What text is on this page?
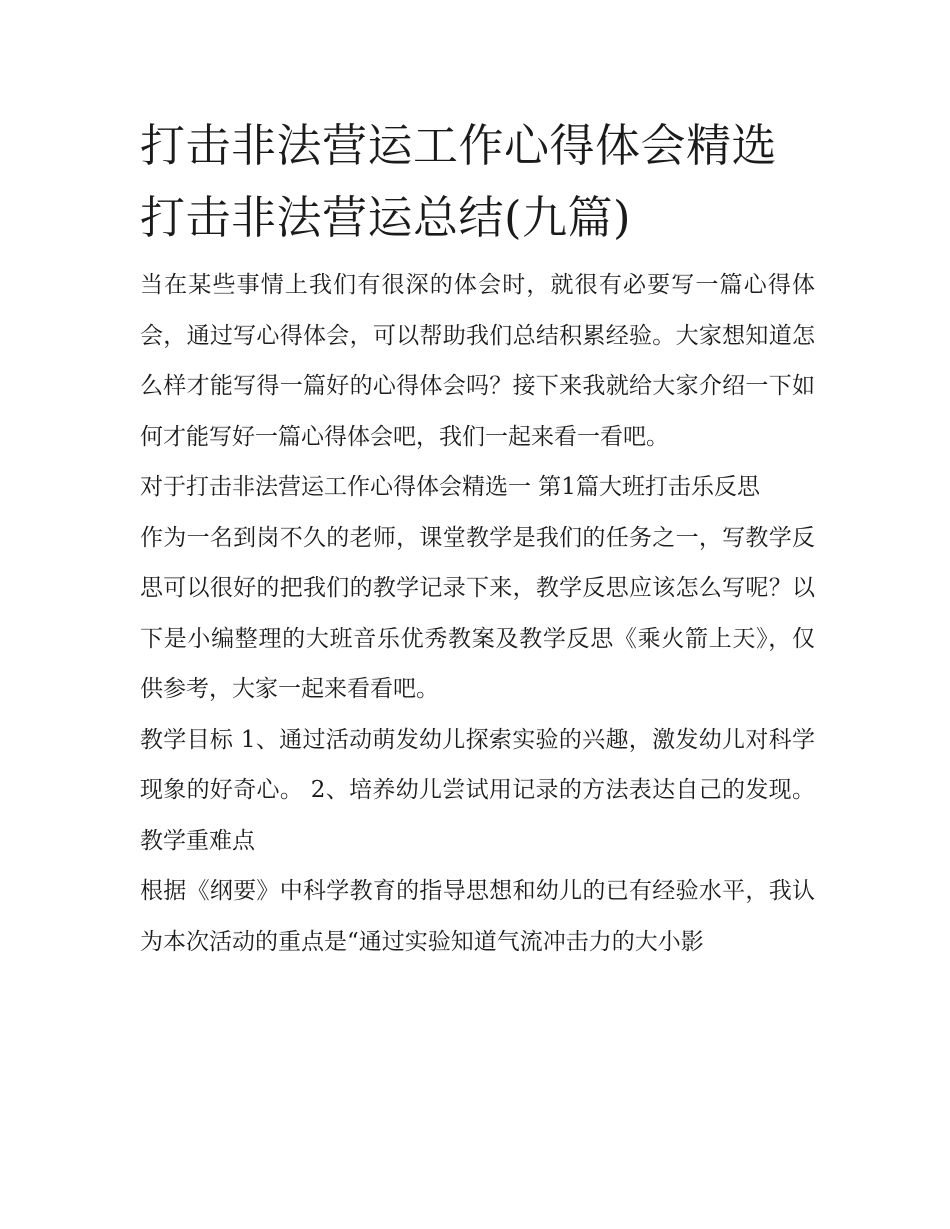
打击非法营运工作心得体会精选 打击非法营运总结(九篇)

当在某些事情上我们有很深的体会时，就很有必要写一篇心得体会，通过写心得体会，可以帮助我们总结积累经验。大家想知道怎么样才能写得一篇好的心得体会吗？接下来我就给大家介绍一下如何才能写好一篇心得体会吧，我们一起来看一看吧。

对于打击非法营运工作心得体会精选一 第1篇大班打击乐反思

作为一名到岗不久的老师，课堂教学是我们的任务之一，写教学反思可以很好的把我们的教学记录下来，教学反思应该怎么写呢？以下是小编整理的大班音乐优秀教案及教学反思《乘火箭上天》，仅供参考，大家一起来看看吧。

教学目标 1、通过活动萌发幼儿探索实验的兴趣，激发幼儿对科学现象的好奇心。 2、培养幼儿尝试用记录的方法表达自己的发现。 教学重难点

根据《纲要》中科学教育的指导思想和幼儿的已有经验水平，我认为本次活动的重点是“通过实验知道气流冲击力的大小影
